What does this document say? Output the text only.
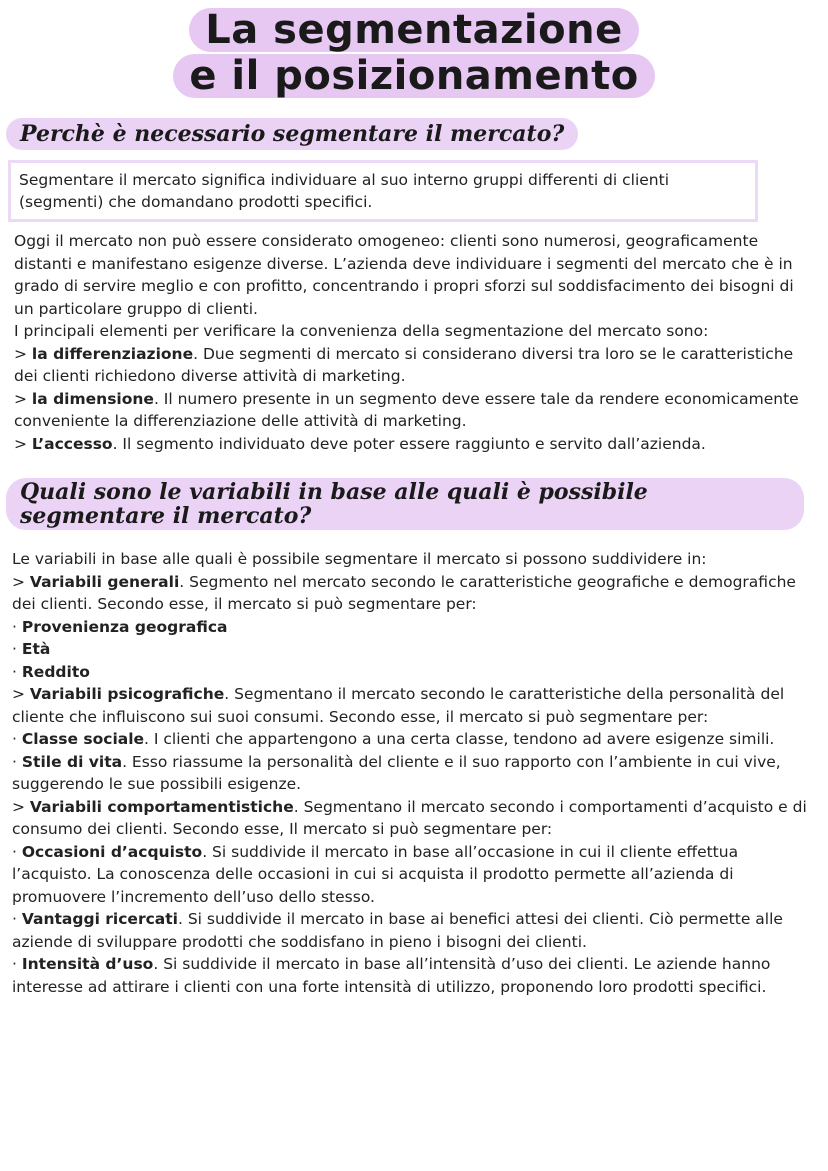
La segmentazione
e il posizionamento
Perchè è necessario segmentare il mercato?
Segmentare il mercato significa individuare al suo interno gruppi differenti di clienti (segmenti) che domandano prodotti specifici.

Oggi il mercato non può essere considerato omogeneo: clienti sono numerosi, geograficamente distanti e manifestano esigenze diverse. L’azienda deve individuare i segmenti del mercato che è in grado di servire meglio e con profitto, concentrando i propri sforzi sul soddisfacimento dei bisogni di un particolare gruppo di clienti.

I principali elementi per verificare la convenienza della segmentazione del mercato sono:

> la differenziazione. Due segmenti di mercato si considerano diversi tra loro se le caratteristiche dei clienti richiedono diverse attività di marketing.

> la dimensione. Il numero presente in un segmento deve essere tale da rendere economicamente conveniente la differenziazione delle attività di marketing.

> L’accesso. Il segmento individuato deve poter essere raggiunto e servito dall’azienda.

Quali sono le variabili in base alle quali è possibile segmentare il mercato?

Le variabili in base alle quali è possibile segmentare il mercato si possono suddividere in:

> Variabili generali. Segmento nel mercato secondo le caratteristiche geografiche e demografiche dei clienti. Secondo esse, il mercato si può segmentare per:

· Provenienza geografica

· Età

· Reddito

> Variabili psicografiche. Segmentano il mercato secondo le caratteristiche della personalità del cliente che influiscono sui suoi consumi. Secondo esse, il mercato si può segmentare per:

· Classe sociale. I clienti che appartengono a una certa classe, tendono ad avere esigenze simili.

· Stile di vita. Esso riassume la personalità del cliente e il suo rapporto con l’ambiente in cui vive, suggerendo le sue possibili esigenze.

> Variabili comportamentistiche. Segmentano il mercato secondo i comportamenti d’acquisto e di consumo dei clienti. Secondo esse, Il mercato si può segmentare per:

· Occasioni d’acquisto. Si suddivide il mercato in base all’occasione in cui il cliente effettua l’acquisto. La conoscenza delle occasioni in cui si acquista il prodotto permette all’azienda di promuovere l’incremento dell’uso dello stesso.

· Vantaggi ricercati. Si suddivide il mercato in base ai benefici attesi dei clienti. Ciò permette alle aziende di sviluppare prodotti che soddisfano in pieno i bisogni dei clienti.

· Intensità d’uso. Si suddivide il mercato in base all’intensità d’uso dei clienti. Le aziende hanno interesse ad attirare i clienti con una forte intensità di utilizzo, proponendo loro prodotti specifici.
